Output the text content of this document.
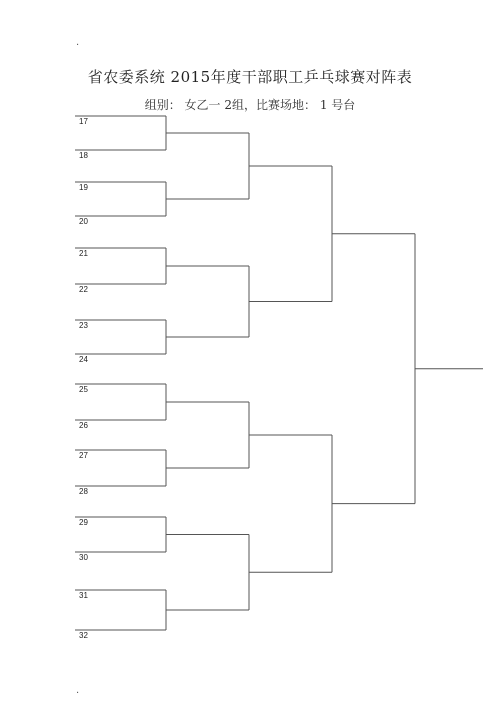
.
省农委系统 2015年度干部职工乒乓球赛对阵表
组别： 女乙一 2组，比赛场地： 1 号台
17
18
19
20
21
22
23
24
25
26
27
28
29
30
31
32
.
